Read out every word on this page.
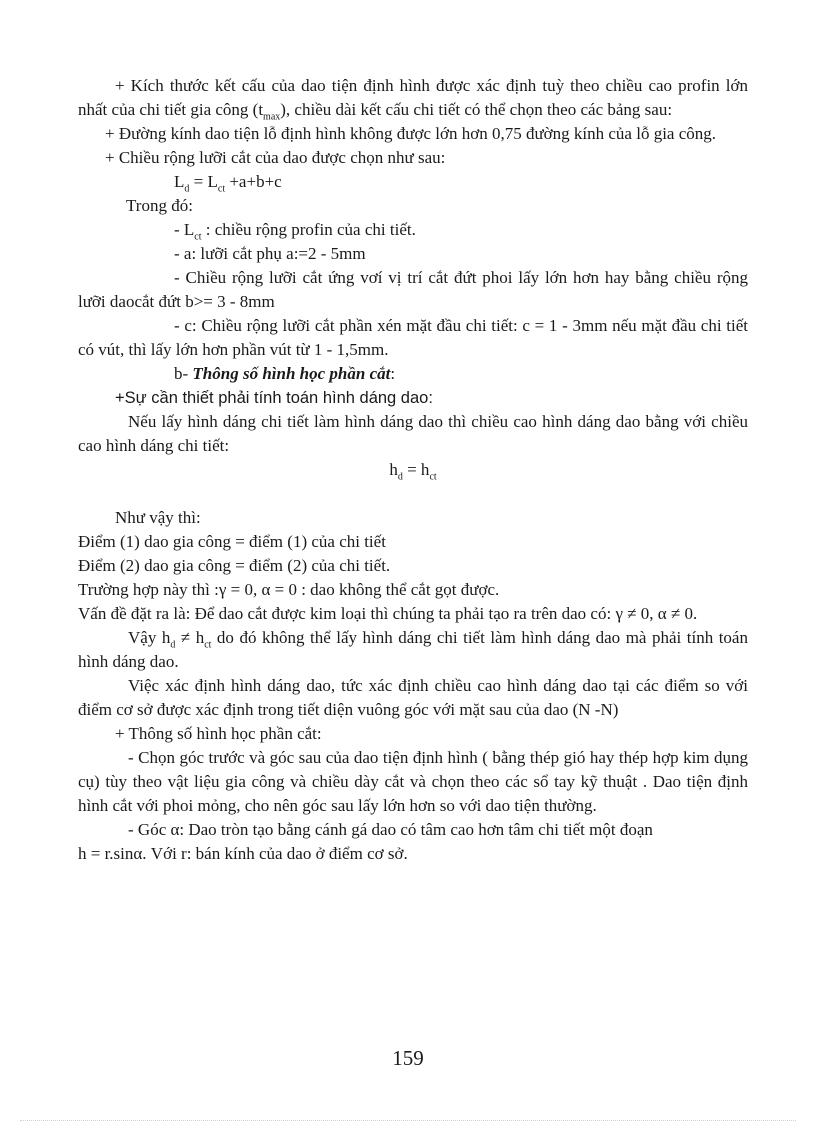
+ Kích thước kết cấu của dao tiện định hình được xác định tuỳ theo chiều cao profin lớn nhất của chi tiết gia công $(t_{max})$, chiều dài kết cấu chi tiết có thể chọn theo các bảng sau:

+ Đường kính dao tiện lỗ định hình không được lớn hơn 0,75 đường kính của lỗ gia công.

+ Chiều rộng lưỡi cắt của dao được chọn như sau:

$L_d = L_{ct} +a+b+c$

Trong đó:

- $L_{ct}$ : chiều rộng profin của chi tiết.

- a: lưỡi cắt phụ a:=2 - 5mm

- Chiều rộng lưỡi cắt ứng vơí vị trí cắt đứt phoi lấy lớn hơn hay bằng chiều rộng lưỡi daocắt đứt b>= 3 - 8mm

- c: Chiều rộng lưỡi cắt phần xén mặt đầu chi tiết: c = 1 - 3mm nếu mặt đầu chi tiết có vút, thì lấy lớn hơn phần vút từ 1 - 1,5mm.

b- Thông số hình học phần cắt:

+Sự cần thiết phải tính toán hình dáng dao:

Nếu lấy hình dáng chi tiết làm hình dáng dao thì chiều cao hình dáng dao bằng với chiều cao hình dáng chi tiết:

$h_d = h_{ct}$

Như vậy thì:

Điểm (1) dao gia công = điểm (1) của chi tiết

Điểm (2) dao gia công = điểm (2) của chi tiết.

Trường hợp này thì :γ = 0, α = 0 : dao không thể cắt gọt được.

Vấn đề đặt ra là: Để dao cắt được kim loại thì chúng ta phải tạo ra trên dao có: γ ≠ 0, α ≠ 0.

Vậy $h_d \ne h_{ct}$ do đó không thể lấy hình dáng chi tiết làm hình dáng dao mà phải tính toán hình dáng dao.

Việc xác định hình dáng dao, tức xác định chiều cao hình dáng dao tại các điểm so với điểm cơ sở được xác định trong tiết diện vuông góc với mặt sau của dao (N -N)

+ Thông số hình học phần cắt:

- Chọn góc trước và góc sau của dao tiện định hình ( bằng thép gió hay thép hợp kim dụng cụ) tùy theo vật liệu gia công và chiều dày cắt và chọn theo các sổ tay kỹ thuật . Dao tiện định hình cắt với phoi mỏng, cho nên góc sau lấy lớn hơn so với dao tiện thường.

- Góc α: Dao tròn tạo bằng cánh gá dao có tâm cao hơn tâm chi tiết một đoạn

h = r.sinα. Với r: bán kính của dao ở điểm cơ sở.

159
